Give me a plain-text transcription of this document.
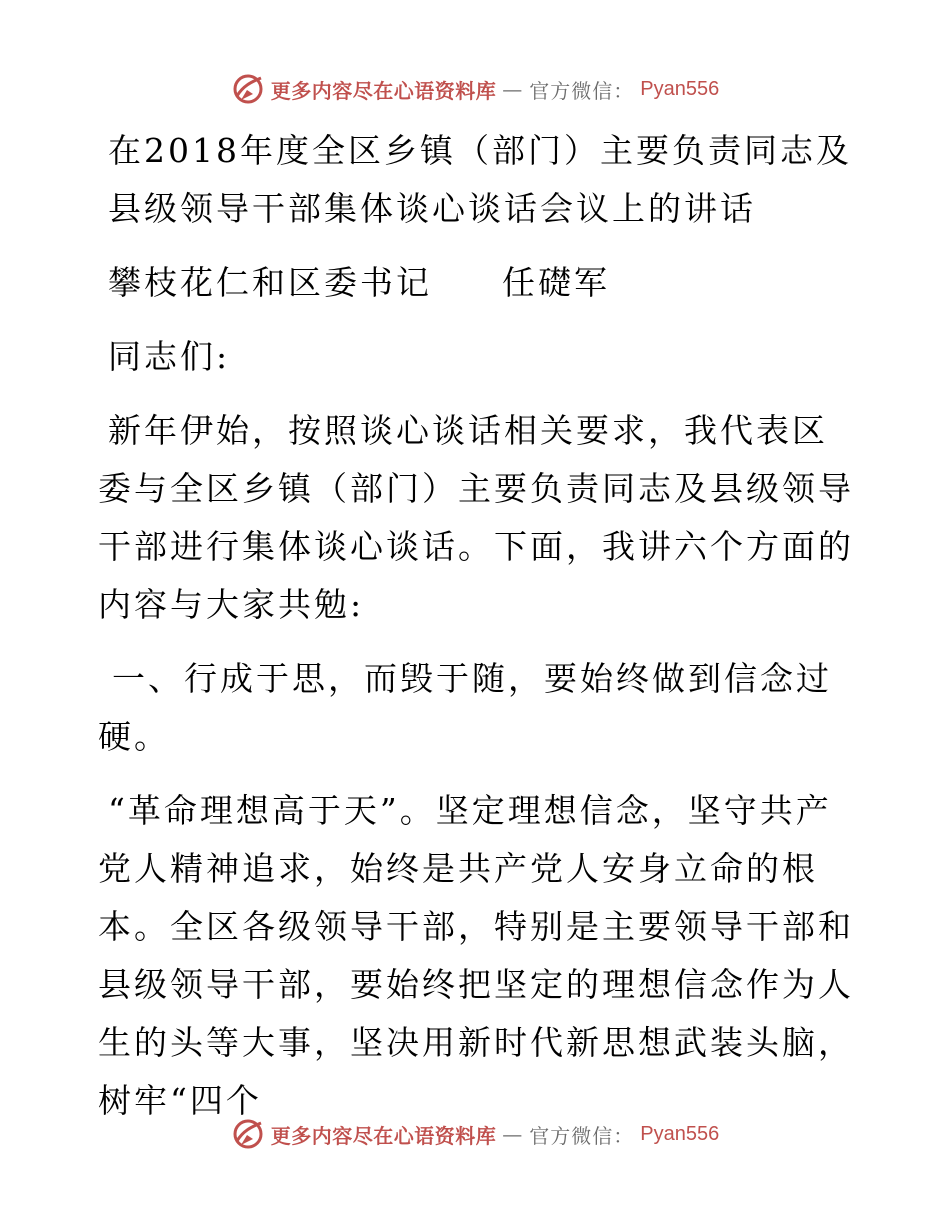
更多内容尽在心语资料库 — 官方微信： Pyan556

在2018年度全区乡镇（部门）主要负责同志及县级领导干部集体谈心谈话会议上的讲话

攀枝花仁和区委书记 任礎军

同志们:

新年伊始，按照谈心谈话相关要求，我代表区委与全区乡镇（部门）主要负责同志及县级领导干部进行集体谈心谈话。下面，我讲六个方面的内容与大家共勉:

一、行成于思，而毁于随，要始终做到信念过
硬。

“革命理想高于天”。坚定理想信念，坚守共产党人精神追求，始终是共产党人安身立命的根本。全区各级领导干部，特别是主要领导干部和县级领导干部，要始终把坚定的理想信念作为人生的头等大事，坚决用新时代新思想武装头脑，树牢“四个

更多内容尽在心语资料库 — 官方微信： Pyan556
